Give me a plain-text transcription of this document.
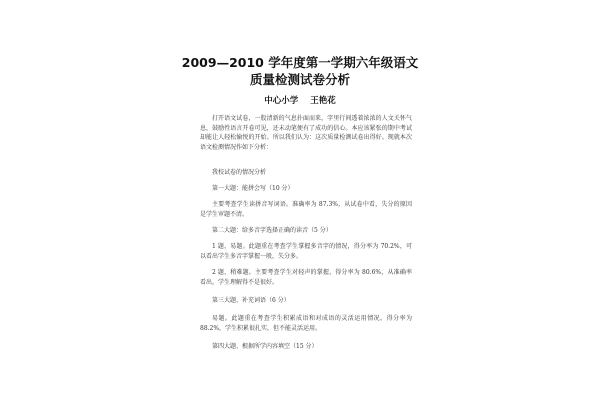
2009—2010 学年度第一学期六年级语文
质量检测试卷分析
中心小学 王艳花

打开语文试卷，一股清新的气息扑面而来，字里行间透着浓浓的人文关怀气息，鼓励性语言开卷可见，还未动笔便有了成功的信心。本应该紧张的期中考试却能让人轻松愉悦的开始。所以我们认为：这次质量检测试卷出得好。现就本次语文检测情况作如下分析：

我校试卷的情况分析
第一大题：能拼会写（10 分）

主要考查学生读拼音写词语。准确率为 87.3%，从试卷中看，失分的原因是学生审题不清。

第二大题：给多音字选择正确的读音（5 分）

1 题，易题。此题重在考查学生掌握多音字的情况，得分率为 70.2%，可以看出学生多音字掌握一般，失分多。

2 题，稍难题。主要考查学生对轻声的掌握，得分率为 80.6%，从准确率看出，学生理解得不是很好。

第三大题、补充词语（6 分）

易题。此题重在考查学生积累成语和对成语的灵活运用情况。得分率为 88.2%，学生积累很扎实，但不能灵活运用。

第四大题、根据所学内容填空（15 分）
